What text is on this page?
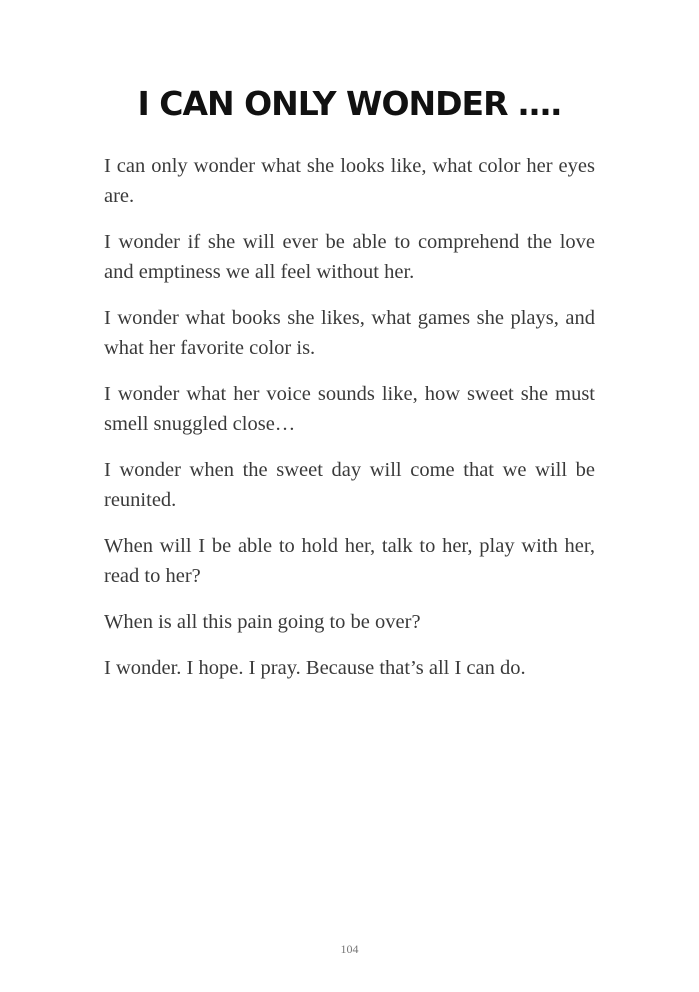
I CAN ONLY WONDER ….

I can only wonder what she looks like, what color her eyes are.

I wonder if she will ever be able to comprehend the love and emptiness we all feel without her.

I wonder what books she likes, what games she plays, and what her favorite color is.

I wonder what her voice sounds like, how sweet she must smell snuggled close…

I wonder when the sweet day will come that we will be reunited.

When will I be able to hold her, talk to her, play with her, read to her?

When is all this pain going to be over?

I wonder. I hope. I pray. Because that’s all I can do.

104
